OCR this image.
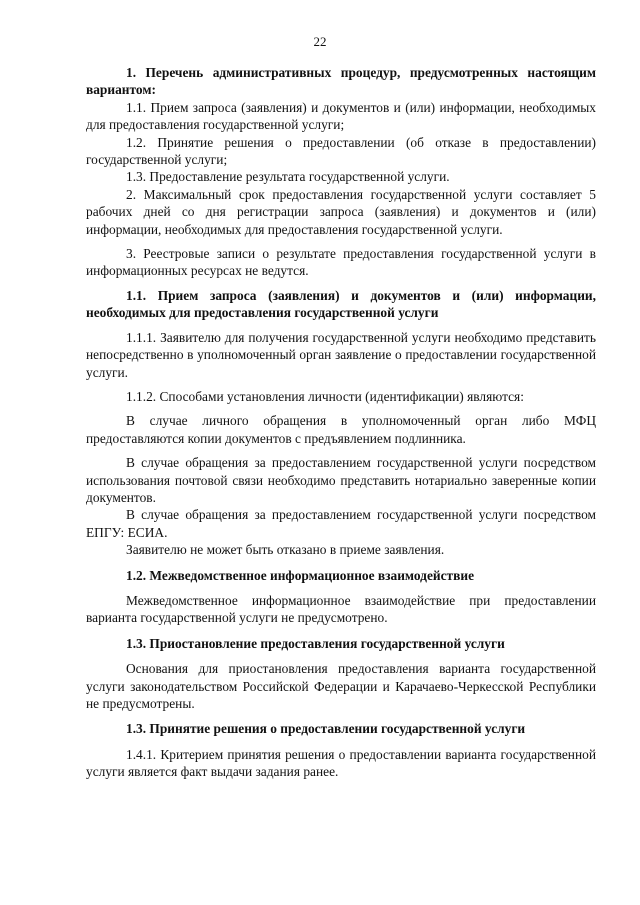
22

1. Перечень административных процедур, предусмотренных настоящим вариантом:

1.1. Прием запроса (заявления) и документов и (или) информации, необходимых для предоставления государственной услуги;

1.2. Принятие решения о предоставлении (об отказе в предоставлении) государственной услуги;

1.3. Предоставление результата государственной услуги.

2. Максимальный срок предоставления государственной услуги составляет 5 рабочих дней со дня регистрации запроса (заявления) и документов и (или) информации, необходимых для предоставления государственной услуги.

3. Реестровые записи о результате предоставления государственной услуги в информационных ресурсах не ведутся.

1.1. Прием запроса (заявления) и документов и (или) информации, необходимых для предоставления государственной услуги

1.1.1. Заявителю для получения государственной услуги необходимо представить непосредственно в уполномоченный орган заявление о предоставлении государственной услуги.

1.1.2. Способами установления личности (идентификации) являются:

В случае личного обращения в уполномоченный орган либо МФЦ предоставляются копии документов с предъявлением подлинника.

В случае обращения за предоставлением государственной услуги посредством использования почтовой связи необходимо представить нотариально заверенные копии документов.

В случае обращения за предоставлением государственной услуги посредством ЕПГУ: ЕСИА.

Заявителю не может быть отказано в приеме заявления.

1.2. Межведомственное информационное взаимодействие

Межведомственное информационное взаимодействие при предоставлении варианта государственной услуги не предусмотрено.

1.3. Приостановление предоставления государственной услуги

Основания для приостановления предоставления варианта государственной услуги законодательством Российской Федерации и Карачаево-Черкесской Республики не предусмотрены.

1.3. Принятие решения о предоставлении государственной услуги

1.4.1. Критерием принятия решения о предоставлении варианта государственной услуги является факт выдачи задания ранее.
